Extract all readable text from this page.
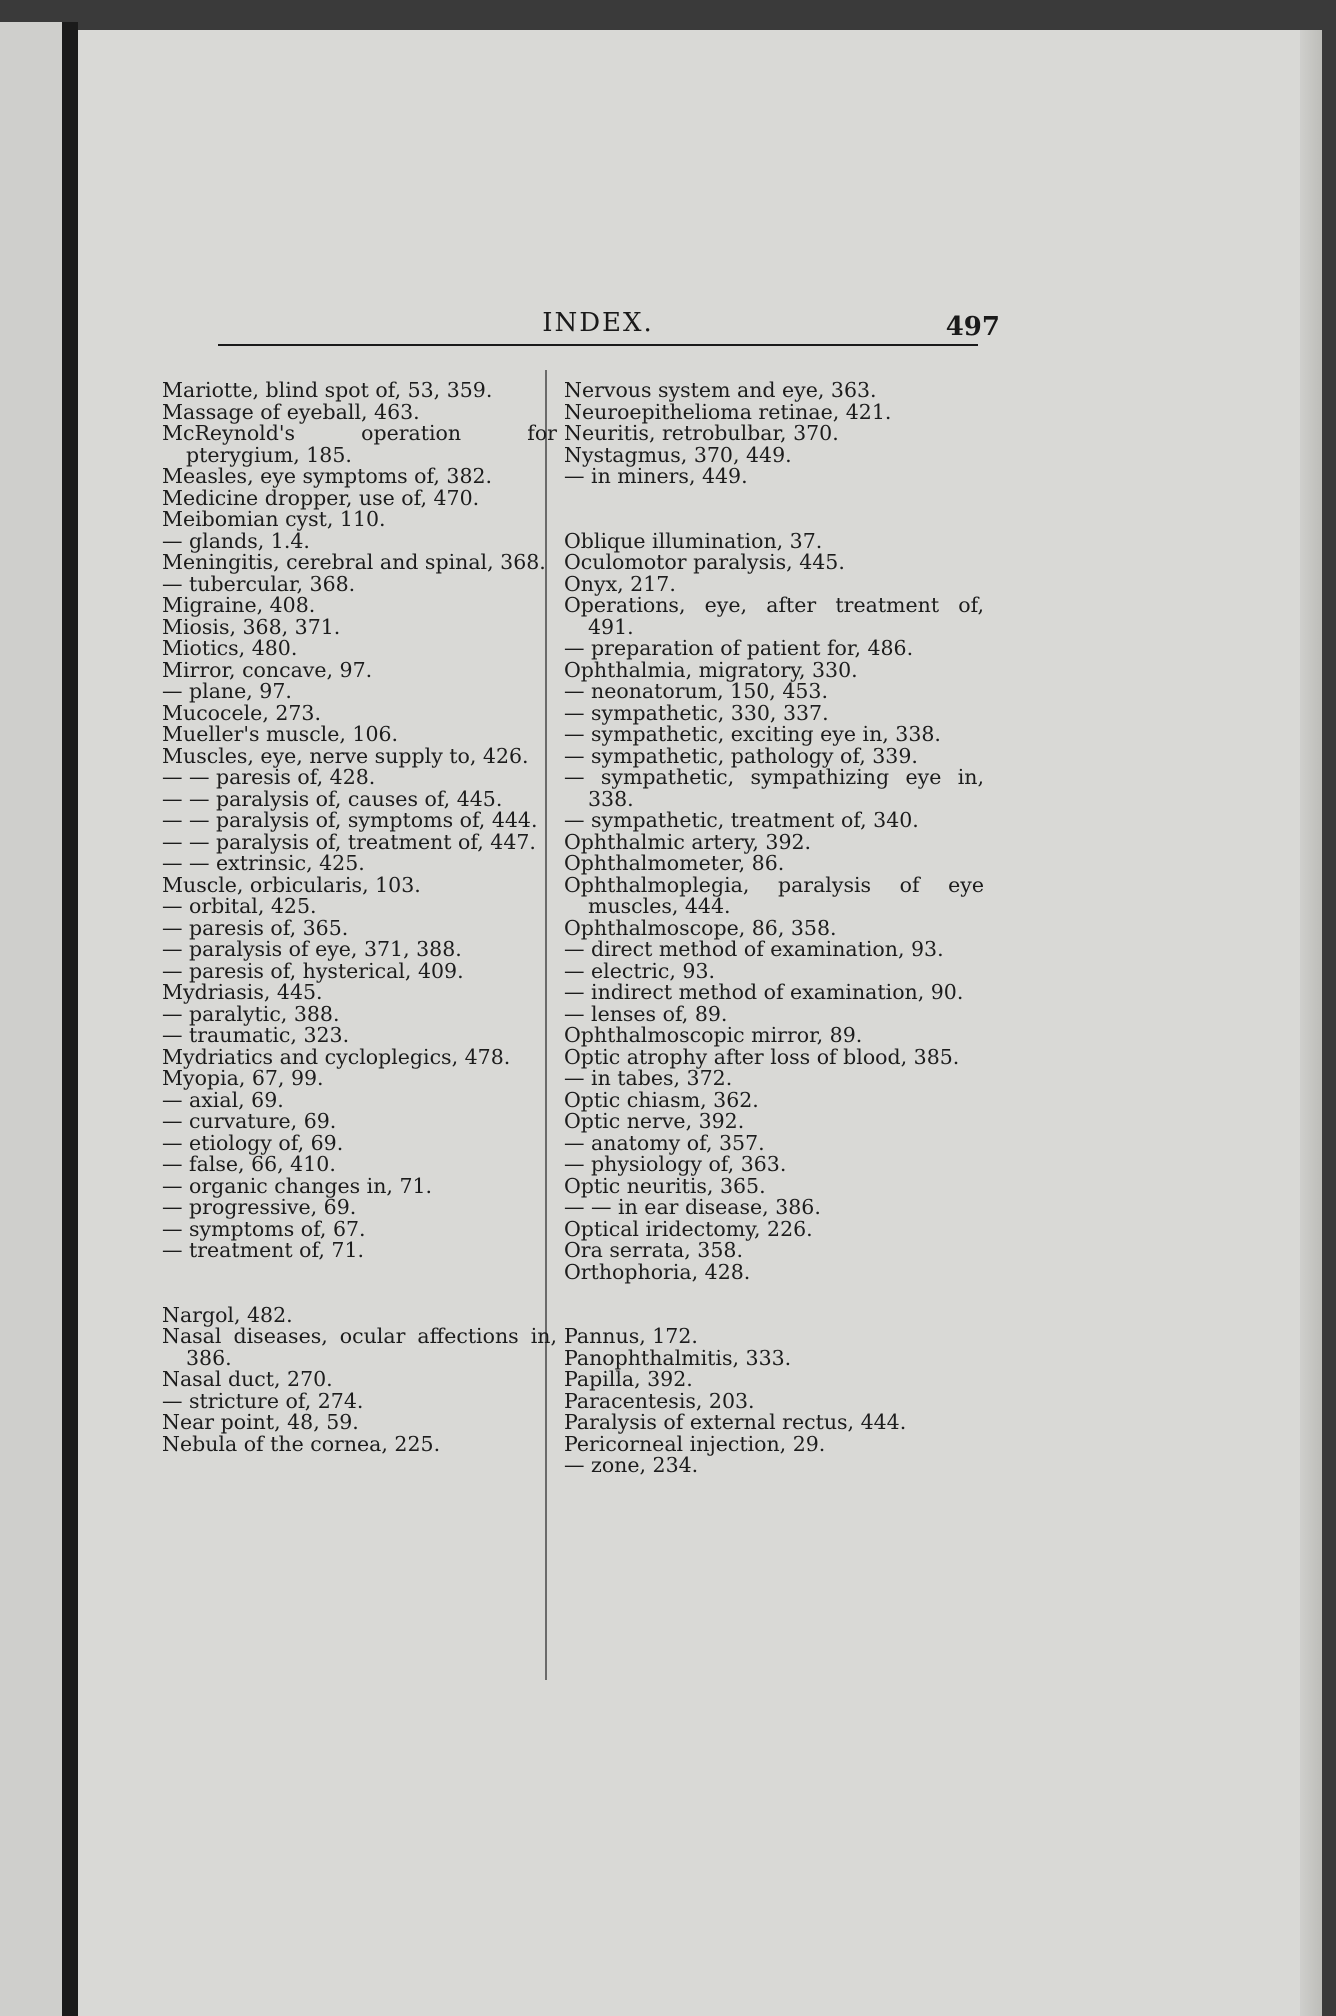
INDEX.	497
Mariotte, blind spot of, 53, 359.
Massage of eyeball, 463.
McReynold's operation for pterygium, 185.
Measles, eye symptoms of, 382.
Medicine dropper, use of, 470.
Meibomian cyst, 110.
— glands, 1.4.
Meningitis, cerebral and spinal, 368.
— tubercular, 368.
Migraine, 408.
Miosis, 368, 371.
Miotics, 480.
Mirror, concave, 97.
— plane, 97.
Mucocele, 273.
Mueller's muscle, 106.
Muscles, eye, nerve supply to, 426.
— — paresis of, 428.
— — paralysis of, causes of, 445.
— — paralysis of, symptoms of, 444.
— — paralysis of, treatment of, 447.
— — extrinsic, 425.
Muscle, orbicularis, 103.
— orbital, 425.
— paresis of, 365.
— paralysis of eye, 371, 388.
— paresis of, hysterical, 409.
Mydriasis, 445.
— paralytic, 388.
— traumatic, 323.
Mydriatics and cycloplegics, 478.
Myopia, 67, 99.
— axial, 69.
— curvature, 69.
— etiology of, 69.
— false, 66, 410.
— organic changes in, 71.
— progressive, 69.
— symptoms of, 67.
— treatment of, 71.
Nargol, 482.
Nasal diseases, ocular affections in, 386.
Nasal duct, 270.
— stricture of, 274.
Near point, 48, 59.
Nebula of the cornea, 225.
Nervous system and eye, 363.
Neuroepithelioma retinae, 421.
Neuritis, retrobulbar, 370.
Nystagmus, 370, 449.
— in miners, 449.
Oblique illumination, 37.
Oculomotor paralysis, 445.
Onyx, 217.
Operations, eye, after treatment of, 491.
— preparation of patient for, 486.
Ophthalmia, migratory, 330.
— neonatorum, 150, 453.
— sympathetic, 330, 337.
— sympathetic, exciting eye in, 338.
— sympathetic, pathology of, 339.
— sympathetic, sympathizing eye in, 338.
— sympathetic, treatment of, 340.
Ophthalmic artery, 392.
Ophthalmometer, 86.
Ophthalmoplegia, paralysis of eye muscles, 444.
Ophthalmoscope, 86, 358.
— direct method of examination, 93.
— electric, 93.
— indirect method of examination, 90.
— lenses of, 89.
Ophthalmoscopic mirror, 89.
Optic atrophy after loss of blood, 385.
— in tabes, 372.
Optic chiasm, 362.
Optic nerve, 392.
— anatomy of, 357.
— physiology of, 363.
Optic neuritis, 365.
— — in ear disease, 386.
Optical iridectomy, 226.
Ora serrata, 358.
Orthophoria, 428.
Pannus, 172.
Panophthalmitis, 333.
Papilla, 392.
Paracentesis, 203.
Paralysis of external rectus, 444.
Pericorneal injection, 29.
— zone, 234.
